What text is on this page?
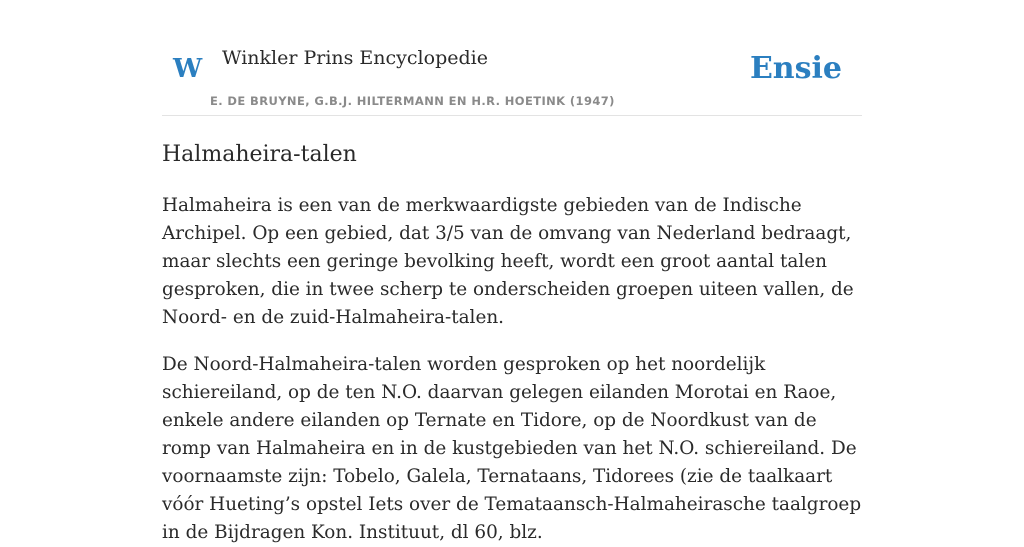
W Winkler Prins Encyclopedie
E. DE BRUYNE, G.B.J. HILTERMANN EN H.R. HOETINK (1947)
Ensie
Halmaheira-talen

Halmaheira is een van de merkwaardigste gebieden van de Indische Archipel. Op een gebied, dat 3/5 van de omvang van Nederland bedraagt, maar slechts een geringe bevolking heeft, wordt een groot aantal talen gesproken, die in twee scherp te onderscheiden groepen uiteen vallen, de Noord- en de zuid-Halmaheira-talen.

De Noord-Halmaheira-talen worden gesproken op het noordelijk schiereiland, op de ten N.O. daarvan gelegen eilanden Morotai en Raoe, enkele andere eilanden op Ternate en Tidore, op de Noordkust van de romp van Halmaheira en in de kustgebieden van het N.O. schiereiland. De voornaamste zijn: Tobelo, Galela, Ternataans, Tidorees (zie de taalkaart vóór Hueting’s opstel Iets over de Temataansch-Halmaheirasche taalgroep in de Bijdragen Kon. Instituut, dl 60, blz.
